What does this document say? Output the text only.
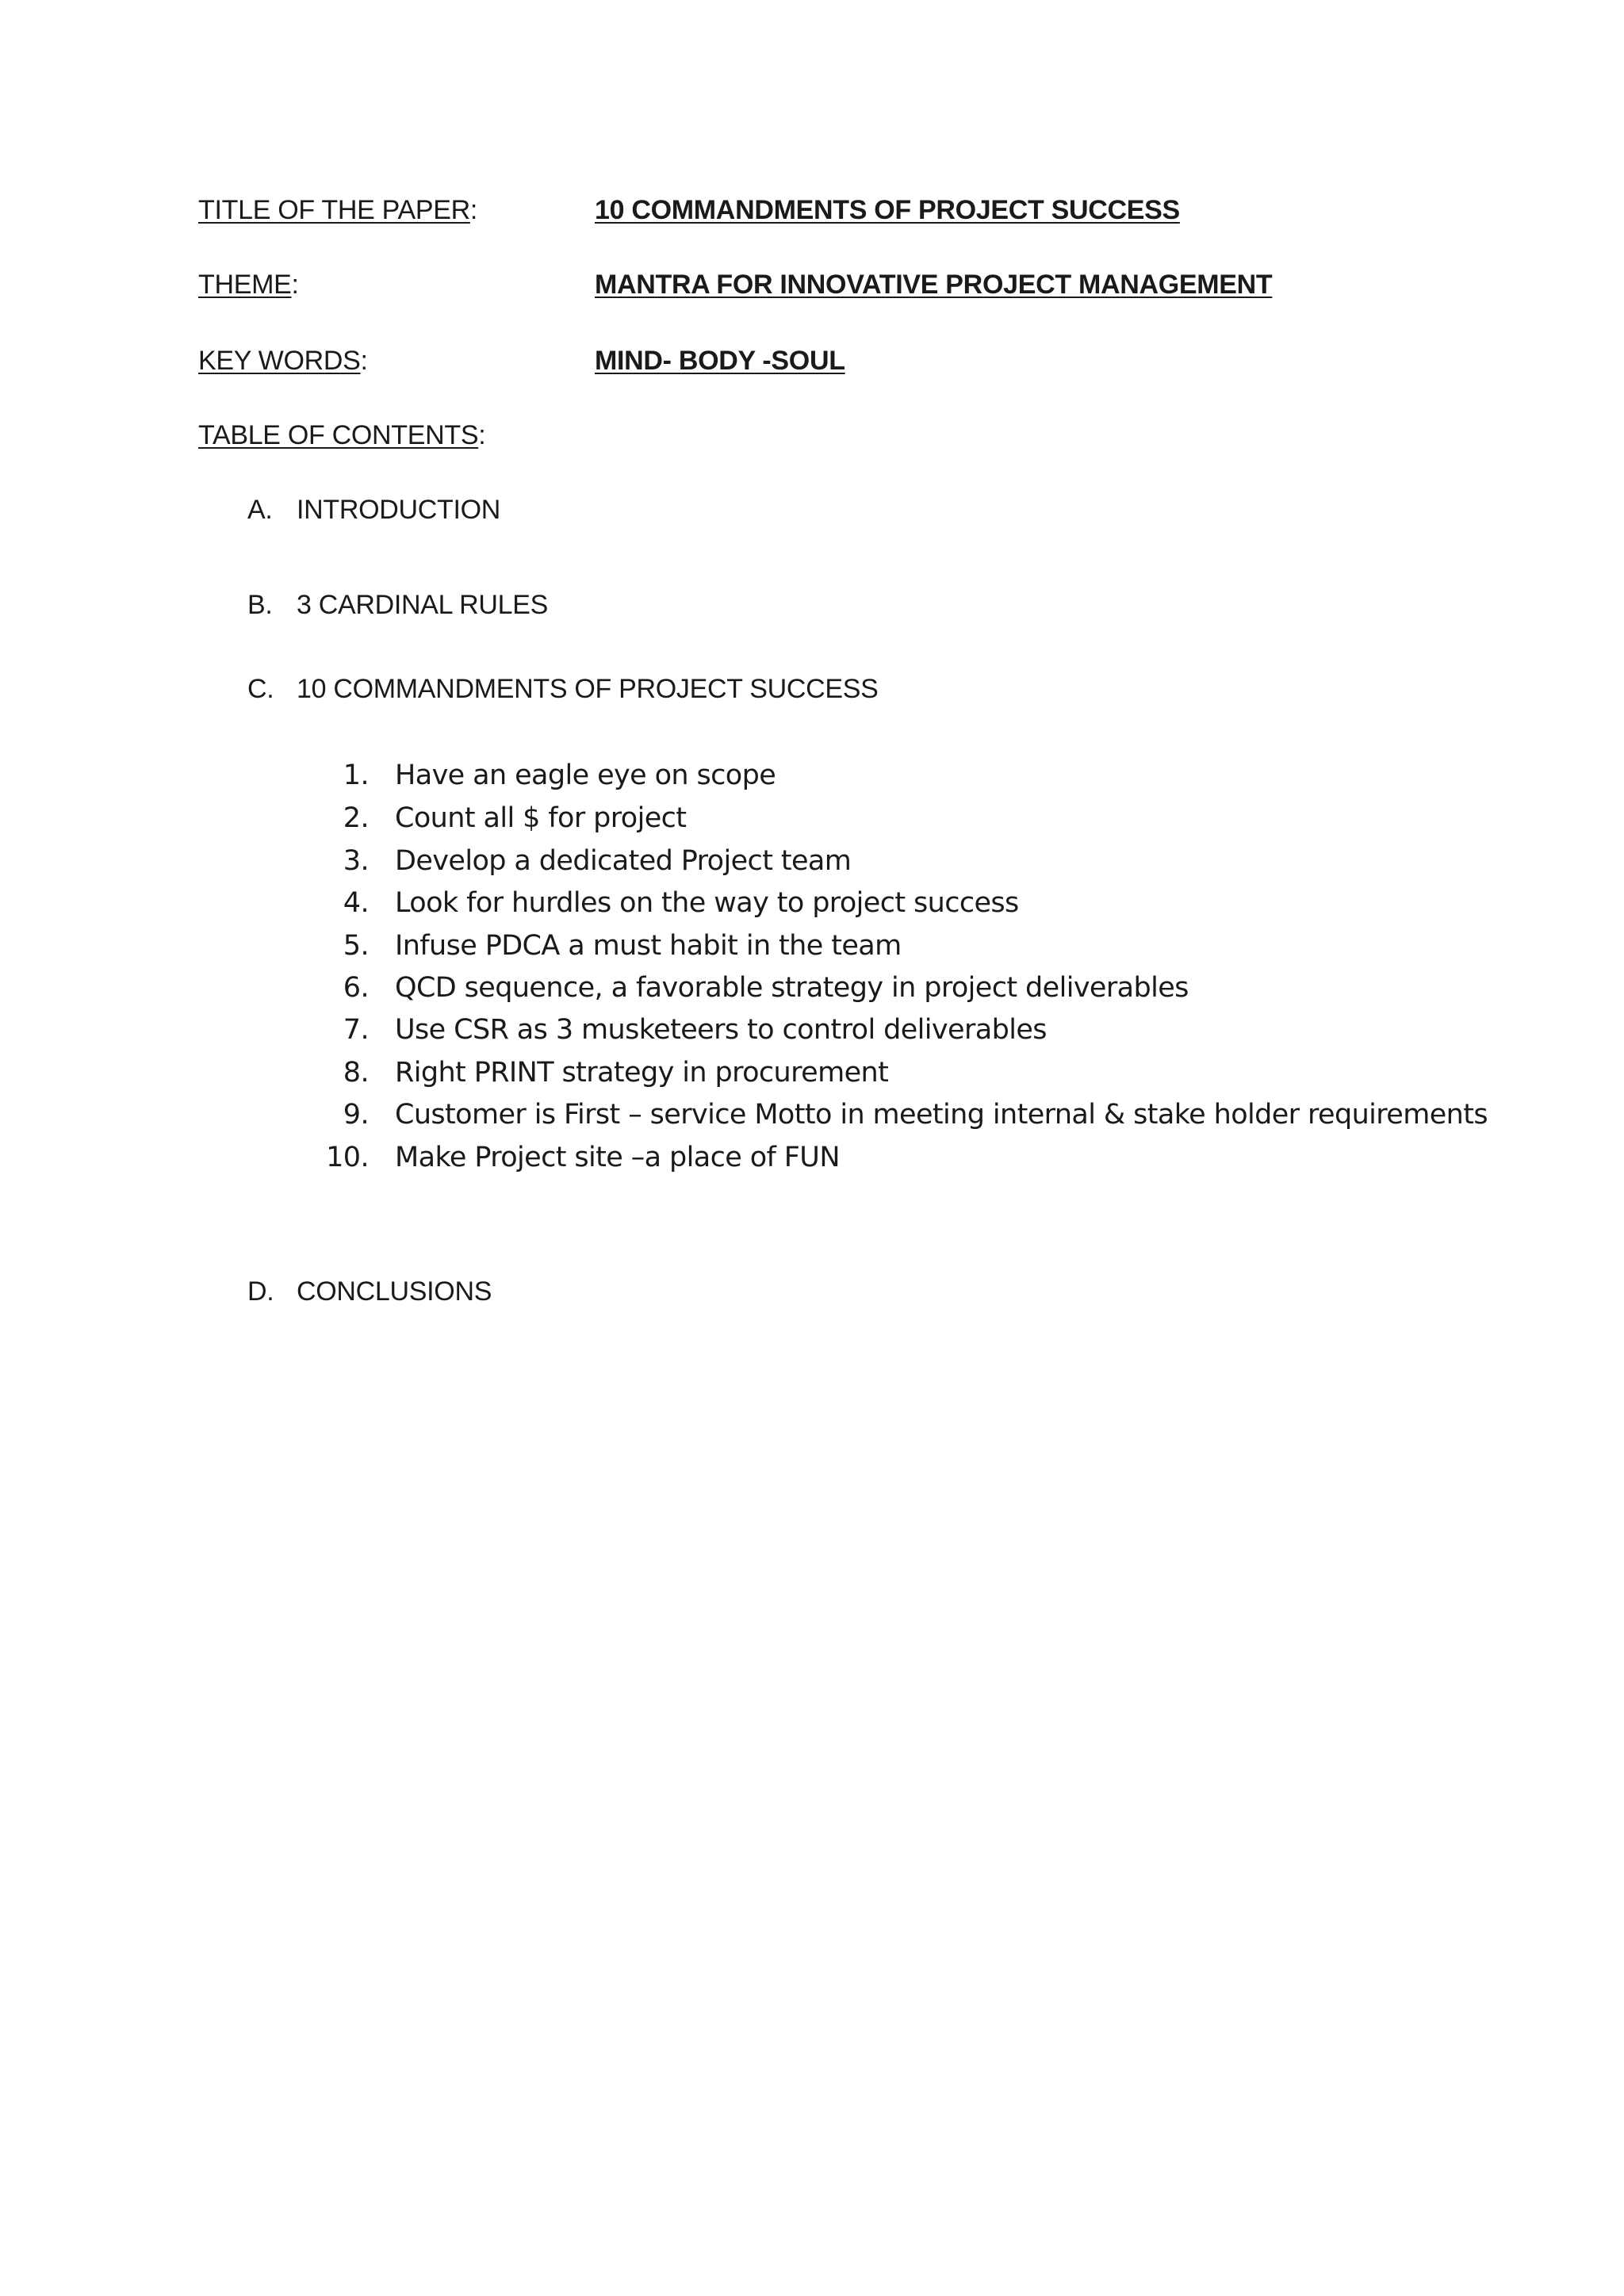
TITLE OF THE PAPER:	10 COMMANDMENTS OF PROJECT SUCCESS
THEME:	MANTRA FOR INNOVATIVE PROJECT MANAGEMENT
KEY WORDS:	MIND- BODY -SOUL
TABLE OF CONTENTS:
A. INTRODUCTION
B. 3 CARDINAL RULES
C. 10 COMMANDMENTS OF PROJECT SUCCESS
1. Have an eagle eye on scope
2. Count all $ for project
3. Develop a dedicated Project team
4. Look for hurdles on the way to project success
5. Infuse PDCA a must habit in the team
6. QCD sequence, a favorable strategy in project deliverables
7. Use CSR as 3 musketeers to control deliverables
8. Right PRINT strategy in procurement
9. Customer is First – service Motto in meeting internal & stake holder requirements
10. Make Project site –a place of FUN
D. CONCLUSIONS
